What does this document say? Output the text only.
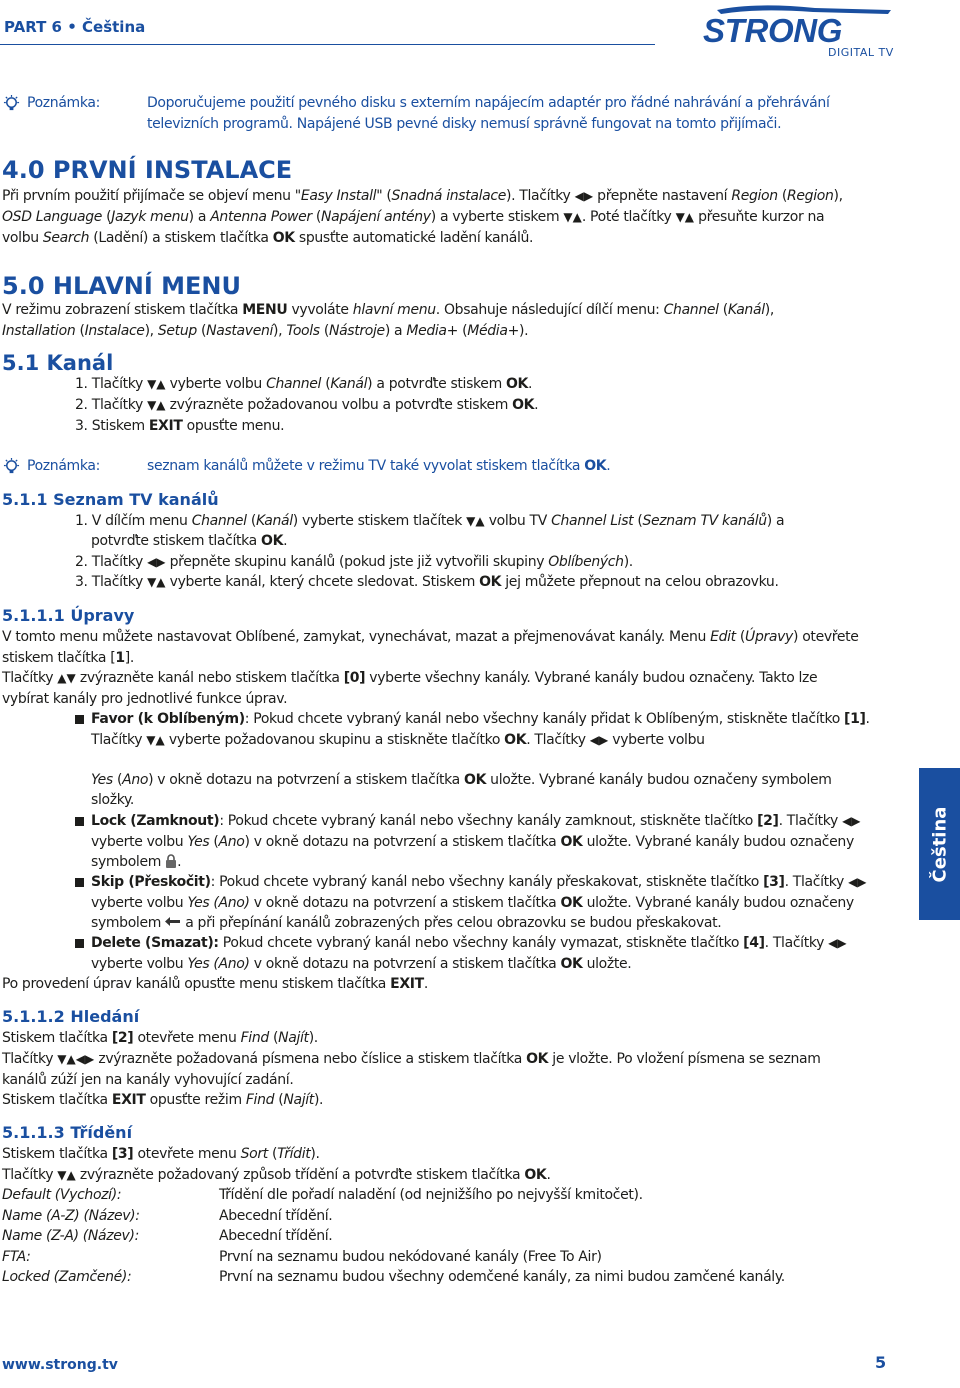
PART 6 • Čeština	STRONG
DIGITAL TV
Poznámka:	Doporučujeme použití pevného disku s externím napájecím adaptér pro řádné nahrávání a přehrávání
televizních programů. Napájené USB pevné disky nemusí správně fungovat na tomto přijímači.
4.0 PRVNÍ INSTALACE
Při prvním použití přijímače se objeví menu "Easy Install" (Snadná instalace). Tlačítky ◀▶ přepněte nastavení Region (Region),
OSD Language (Jazyk menu) a Antenna Power (Napájení antény) a vyberte stiskem ▼▲. Poté tlačítky ▼▲ přesuňte kurzor na
volbu Search (Ladění) a stiskem tlačítka OK spusťte automatické ladění kanálů.
5.0 HLAVNÍ MENU
V režimu zobrazení stiskem tlačítka MENU vyvoláte hlavní menu. Obsahuje následující dílčí menu: Channel (Kanál),
Installation (Instalace), Setup (Nastavení), Tools (Nástroje) a Media+ (Média+).
5.1 Kanál
1. Tlačítky ▼▲ vyberte volbu Channel (Kanál) a potvrďte stiskem OK.
2. Tlačítky ▼▲ zvýrazněte požadovanou volbu a potvrďte stiskem OK.
3. Stiskem EXIT opusťte menu.
Poznámka:	seznam kanálů můžete v režimu TV také vyvolat stiskem tlačítka OK.
5.1.1 Seznam TV kanálů
1. V dílčím menu Channel (Kanál) vyberte stiskem tlačítek ▼▲ volbu TV Channel List (Seznam TV kanálů) a
potvrďte stiskem tlačítka OK.
2. Tlačítky ◀▶ přepněte skupinu kanálů (pokud jste již vytvořili skupiny Oblíbených).
3. Tlačítky ▼▲ vyberte kanál, který chcete sledovat. Stiskem OK jej můžete přepnout na celou obrazovku.
5.1.1.1 Úpravy
V tomto menu můžete nastavovat Oblíbené, zamykat, vynechávat, mazat a přejmenovávat kanály. Menu Edit (Úpravy) otevřete
stiskem tlačítka [1].
Tlačítky ▲▼ zvýrazněte kanál nebo stiskem tlačítka [0] vyberte všechny kanály. Vybrané kanály budou označeny. Takto lze
vybírat kanály pro jednotlivé funkce úprav.
Favor (k Oblíbeným): Pokud chcete vybraný kanál nebo všechny kanály přidat k Oblíbeným, stiskněte tlačítko [1].
Tlačítky ▼▲ vyberte požadovanou skupinu a stiskněte tlačítko OK. Tlačítky ◀▶ vyberte volbu
Yes (Ano) v okně dotazu na potvrzení a stiskem tlačítka OK uložte. Vybrané kanály budou označeny symbolem
složky.
Lock (Zamknout): Pokud chcete vybraný kanál nebo všechny kanály zamknout, stiskněte tlačítko [2]. Tlačítky ◀▶
vyberte volbu Yes (Ano) v okně dotazu na potvrzení a stiskem tlačítka OK uložte. Vybrané kanály budou označeny
symbolem .
Skip (Přeskočit): Pokud chcete vybraný kanál nebo všechny kanály přeskakovat, stiskněte tlačítko [3]. Tlačítky ◀▶
vyberte volbu Yes (Ano) v okně dotazu na potvrzení a stiskem tlačítka OK uložte. Vybrané kanály budou označeny
symbolem  a při přepínání kanálů zobrazených přes celou obrazovku se budou přeskakovat.
Delete (Smazat): Pokud chcete vybraný kanál nebo všechny kanály vymazat, stiskněte tlačítko [4]. Tlačítky ◀▶
vyberte volbu Yes (Ano) v okně dotazu na potvrzení a stiskem tlačítka OK uložte.
Po provedení úprav kanálů opusťte menu stiskem tlačítka EXIT.
5.1.1.2 Hledání
Stiskem tlačítka [2] otevřete menu Find (Najít).
Tlačítky ▼▲◀▶ zvýrazněte požadovaná písmena nebo číslice a stiskem tlačítka OK je vložte. Po vložení písmena se seznam
kanálů zúží jen na kanály vyhovující zadání.
Stiskem tlačítka EXIT opusťte režim Find (Najít).
5.1.1.3 Třídění
Stiskem tlačítka [3] otevřete menu Sort (Třídit).
Tlačítky ▼▲ zvýrazněte požadovaný způsob třídění a potvrďte stiskem tlačítka OK.
Default (Vychozí):	Třídění dle pořadí naladění (od nejnižšího po nejvyšší kmitočet).
Name (A-Z) (Název):	Abecední třídění.
Name (Z-A) (Název):	Abecední třídění.
FTA:	První na seznamu budou nekódované kanály (Free To Air)
Locked (Zamčené):	První na seznamu budou všechny odemčené kanály, za nimi budou zamčené kanály.
Čeština
www.strong.tv	5
